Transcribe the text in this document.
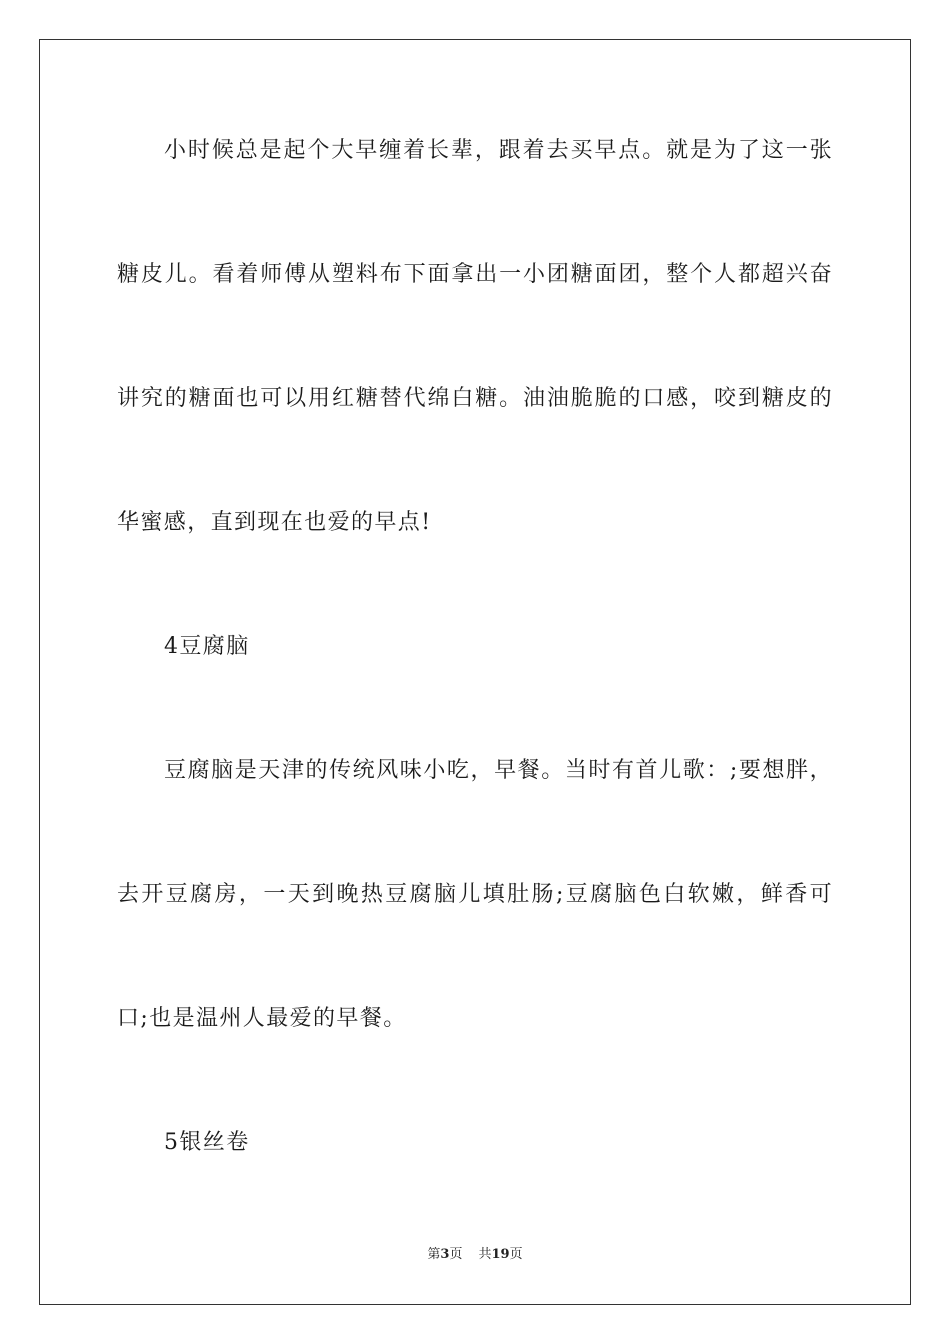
小时候总是起个大早缠着长辈，跟着去买早点。就是为了这一张
糖皮儿。看着师傅从塑料布下面拿出一小团糖面团，整个人都超兴奋
讲究的糖面也可以用红糖替代绵白糖。油油脆脆的口感，咬到糖皮的
华蜜感，直到现在也爱的早点!
4豆腐脑
豆腐脑是天津的传统风味小吃，早餐。当时有首儿歌：;要想胖，
去开豆腐房，一天到晚热豆腐脑儿填肚肠;豆腐脑色白软嫩，鲜香可
口;也是温州人最爱的早餐。
5银丝卷
第3页 共19页
